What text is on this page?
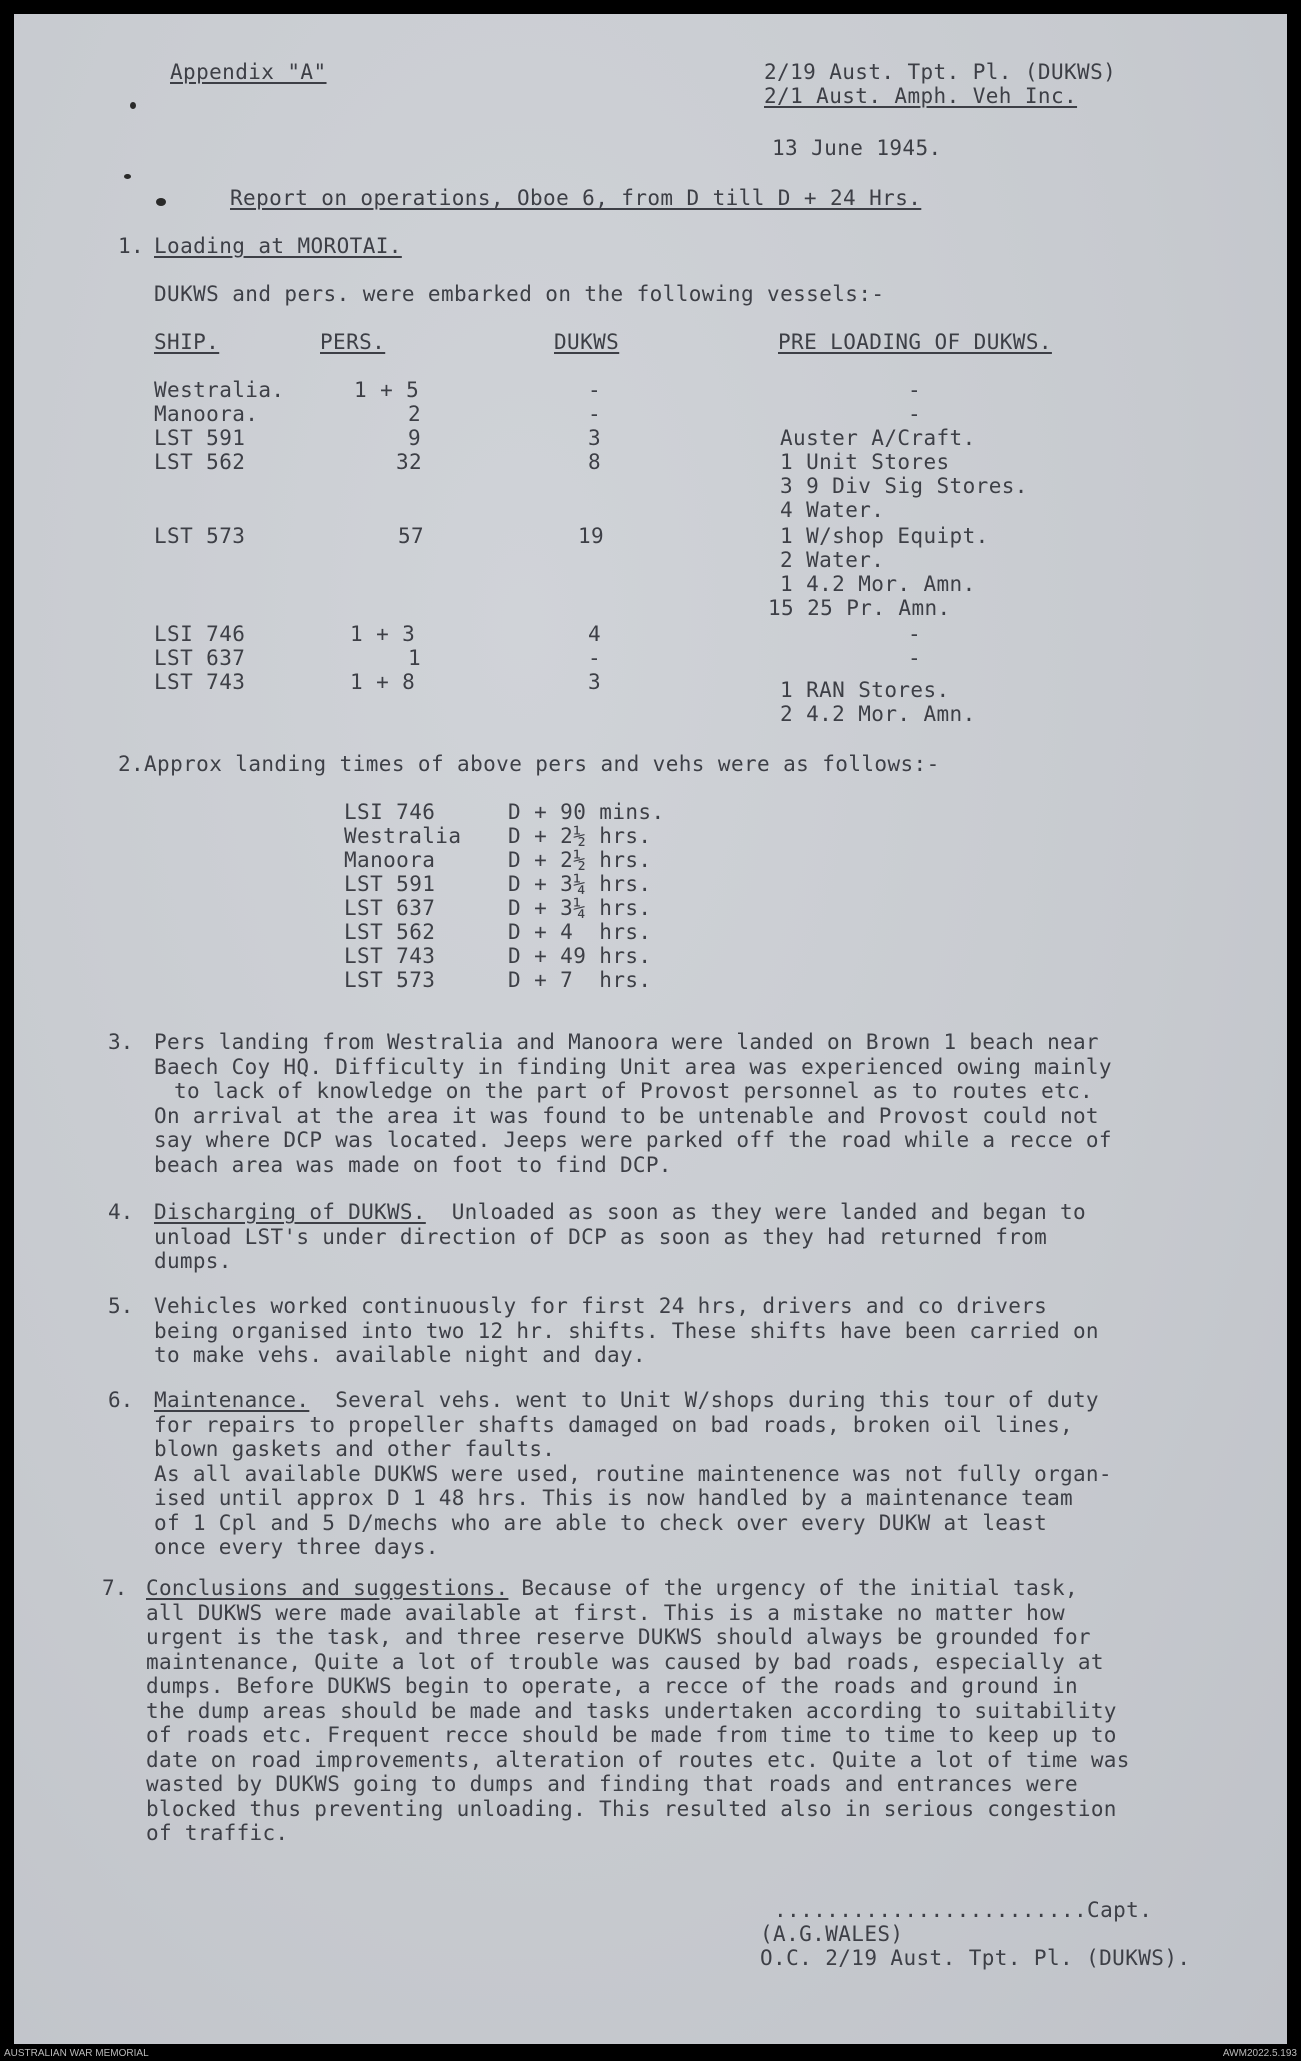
Appendix "A"	2/19 Aust. Tpt. Pl. (DUKWS)
2/1 Aust. Amph. Veh Inc.
13 June 1945.
Report on operations, Oboe 6, from D till D + 24 Hrs.
1. Loading at MOROTAI.
DUKWS and pers. were embarked on the following vessels:-
SHIP.	PERS.	DUKWS	PRE LOADING OF DUKWS.
Westralia.	1 + 5	-	-
Manoora.	2	-	-
LST 591	9	3	Auster A/Craft.
LST 562	32	8	1 Unit Stores
3 9 Div Sig Stores.
4 Water.
LST 573	57	19	1 W/shop Equipt.
2 Water.
1 4.2 Mor. Amn.
15 25 Pr. Amn.
LSI 746	1 + 3	4	-
LST 637	1	-	-
LST 743	1 + 8	3	1 RAN Stores.
2 4.2 Mor. Amn.
2. Approx landing times of above pers and vehs were as follows:-
LSI 746	D + 90 mins.
Westralia D + 2½ hrs.
Manoora	D + 2½ hrs.
LST 591	D + 3¼ hrs.
LST 637	D + 3¼ hrs.
LST 562	D + 4  hrs.
LST 743	D + 49 hrs.
LST 573	D + 7  hrs.
3. Pers landing from Westralia and Manoora were landed on Brown 1 beach near
Baech Coy HQ. Difficulty in finding Unit area was experienced owing mainly
to lack of knowledge on the part of Provost personnel as to routes etc.
On arrival at the area it was found to be untenable and Provost could not
say where DCP was located. Jeeps were parked off the road while a recce of
beach area was made on foot to find DCP.
4. Discharging of DUKWS.  Unloaded as soon as they were landed and began to
unload LST's under direction of DCP as soon as they had returned from
dumps.
5. Vehicles worked continuously for first 24 hrs, drivers and co drivers
being organised into two 12 hr. shifts. These shifts have been carried on
to make vehs. available night and day.
6. Maintenance.  Several vehs. went to Unit W/shops during this tour of duty
for repairs to propeller shafts damaged on bad roads, broken oil lines,
blown gaskets and other faults.
As all available DUKWS were used, routine maintenence was not fully organ-
ised until approx D 1 48 hrs. This is now handled by a maintenance team
of 1 Cpl and 5 D/mechs who are able to check over every DUKW at least
once every three days.
7. Conclusions and suggestions. Because of the urgency of the initial task,
all DUKWS were made available at first. This is a mistake no matter how
urgent is the task, and three reserve DUKWS should always be grounded for
maintenance, Quite a lot of trouble was caused by bad roads, especially at
dumps. Before DUKWS begin to operate, a recce of the roads and ground in
the dump areas should be made and tasks undertaken according to suitability
of roads etc. Frequent recce should be made from time to time to keep up to
date on road improvements, alteration of routes etc. Quite a lot of time was
wasted by DUKWS going to dumps and finding that roads and entrances were
blocked thus preventing unloading. This resulted also in serious congestion
of traffic.
........................Capt.
(A.G.WALES)
O.C. 2/19 Aust. Tpt. Pl. (DUKWS).
AUSTRALIAN WAR MEMORIAL	AWM2022.5.193
